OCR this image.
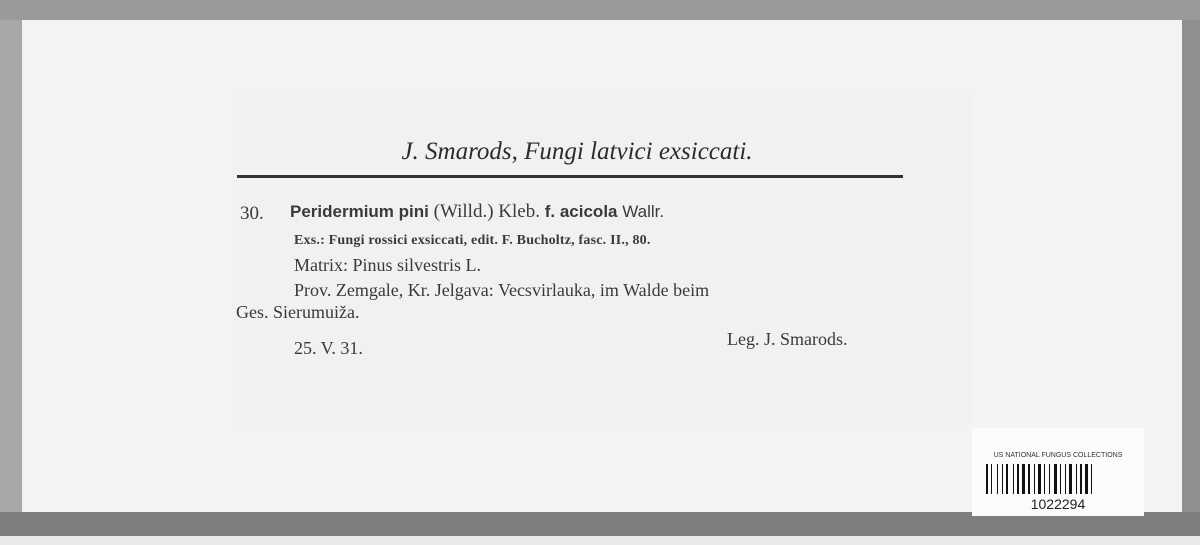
J. Smarods, Fungi latvici exsiccati.
30. Peridermium pini (Willd.) Kleb. f. acicola Wallr.
Exs.: Fungi rossici exsiccati, edit. F. Bucholtz, fasc. II., 80.
Matrix: Pinus silvestris L.
Prov. Zemgale, Kr. Jelgava: Vecsvirlauka, im Walde beim
Ges. Sierumuiža.
25. V. 31.	Leg. J. Smarods.
US NATIONAL FUNGUS COLLECTIONS
1022294
